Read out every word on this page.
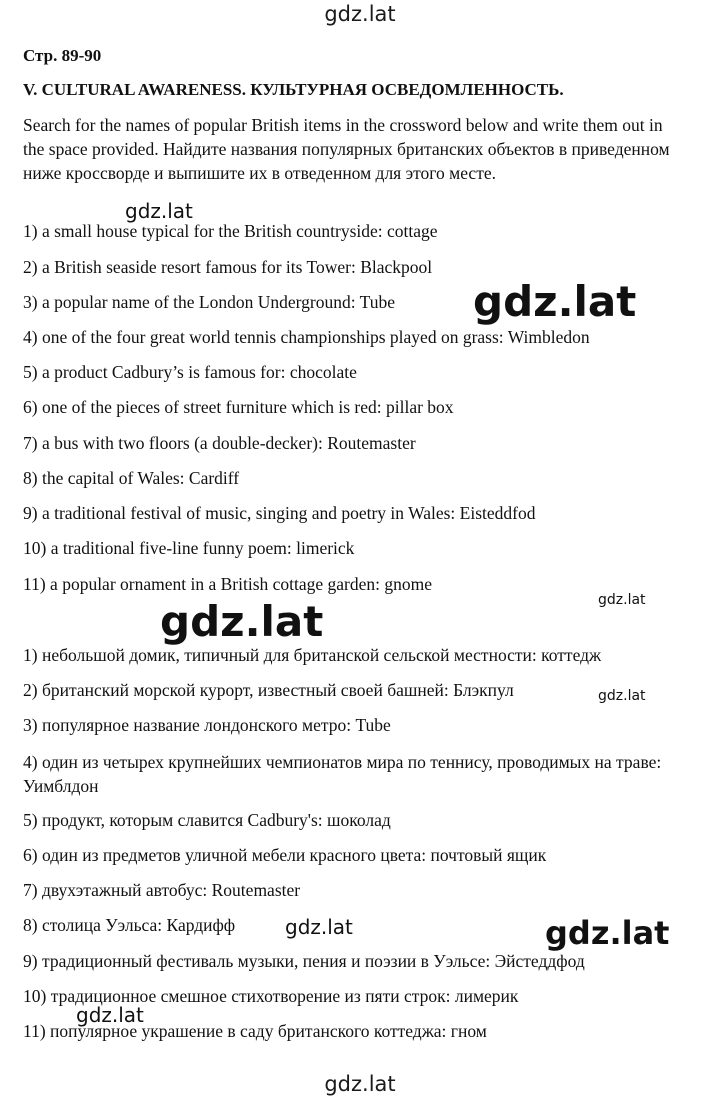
gdz.lat
Стр. 89-90
V. CULTURAL AWARENESS. КУЛЬТУРНАЯ ОСВЕДОМЛЕННОСТЬ.
Search for the names of popular British items in the crossword below and write them out in the space provided. Найдите названия популярных британских объектов в приведенном ниже кроссворде и выпишите их в отведенном для этого месте.
1) a small house typical for the British countryside: cottage
2) a British seaside resort famous for its Tower: Blackpool
3) a popular name of the London Underground: Tube
4) one of the four great world tennis championships played on grass: Wimbledon
5) a product Cadbury’s is famous for: chocolate
6) one of the pieces of street furniture which is red: pillar box
7) a bus with two floors (a double-decker): Routemaster
8) the capital of Wales: Cardiff
9) a traditional festival of music, singing and poetry in Wales: Eisteddfod
10) a traditional five-line funny poem: limerick
11) a popular ornament in a British cottage garden: gnome
1) небольшой домик, типичный для британской сельской местности: коттедж
2) британский морской курорт, известный своей башней: Блэкпул
3) популярное название лондонского метро: Tube
4) один из четырех крупнейших чемпионатов мира по теннису, проводимых на траве: Уимблдон
5) продукт, которым славится Cadbury's: шоколад
6) один из предметов уличной мебели красного цвета: почтовый ящик
7) двухэтажный автобус: Routemaster
8) столица Уэльса: Кардифф
9) традиционный фестиваль музыки, пения и поэзии в Уэльсе: Эйстеддфод
10) традиционное смешное стихотворение из пяти строк: лимерик
11) популярное украшение в саду британского коттеджа: гном
gdz.lat
gdz.lat
gdz.lat
gdz.lat
gdz.lat
gdz.lat	gdz.lat
gdz.lat
gdz.lat
